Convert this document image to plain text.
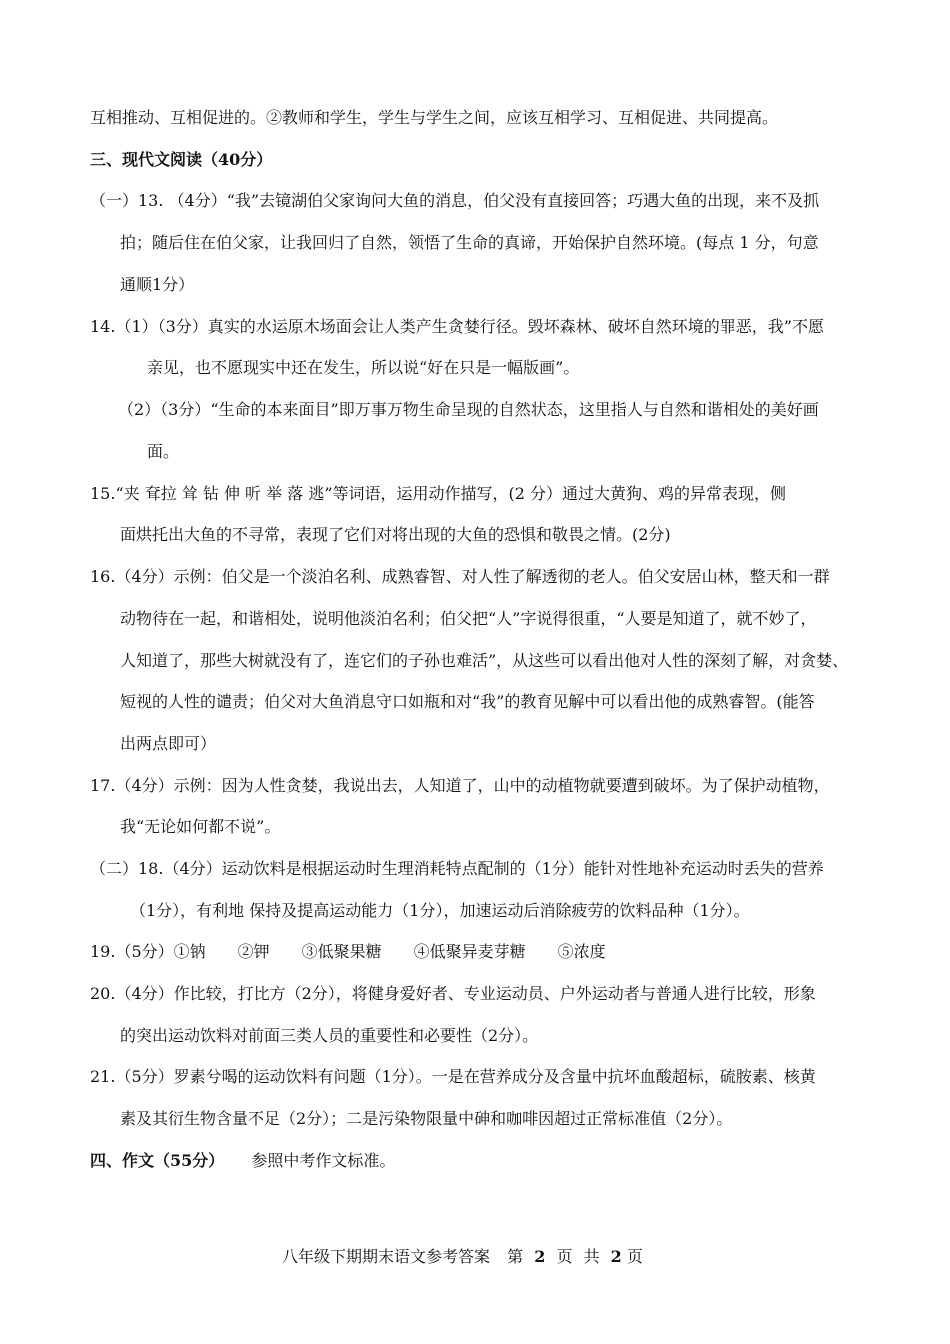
互相推动、互相促进的。②教师和学生，学生与学生之间，应该互相学习、互相促进、共同提高。
三、现代文阅读（40分）
（一）13. （4分）“我”去镜湖伯父家询问大鱼的消息，伯父没有直接回答；巧遇大鱼的出现，来不及抓
拍；随后住在伯父家，让我回归了自然，领悟了生命的真谛，开始保护自然环境。(每点 1 分，句意
通顺1分）
14.（1）（3分）真实的水运原木场面会让人类产生贪婪行径。毁坏森林、破坏自然环境的罪恶，我”不愿
亲见，也不愿现实中还在发生，所以说“好在只是一幅版画”。
（2）（3分）“生命的本来面目”即万事万物生命呈现的自然状态，这里指人与自然和谐相处的美好画
面。
15.“夹 耷拉 耸 钻 伸 听 举 落 逃”等词语，运用动作描写，(2 分）通过大黄狗、鸡的异常表现，侧
面烘托出大鱼的不寻常，表现了它们对将出现的大鱼的恐惧和敬畏之情。(2分)
16.（4分）示例：伯父是一个淡泊名利、成熟睿智、对人性了解透彻的老人。伯父安居山林，整天和一群
动物待在一起，和谐相处，说明他淡泊名利；伯父把“人”字说得很重，“人要是知道了，就不妙了，
人知道了，那些大树就没有了，连它们的子孙也难活”，从这些可以看出他对人性的深刻了解，对贪婪、
短视的人性的谴责；伯父对大鱼消息守口如瓶和对“我”的教育见解中可以看出他的成熟睿智。(能答
出两点即可）
17.（4分）示例：因为人性贪婪，我说出去，人知道了，山中的动植物就要遭到破坏。为了保护动植物，
我“无论如何都不说”。
（二）18.（4分）运动饮料是根据运动时生理消耗特点配制的（1分）能针对性地补充运动时丢失的营养
（1分），有利地 保持及提高运动能力（1分），加速运动后消除疲劳的饮料品种（1分）。
19.（5分）①钠　　②钾　　③低聚果糖　　④低聚异麦芽糖　　⑤浓度
20.（4分）作比较，打比方（2分），将健身爱好者、专业运动员、户外运动者与普通人进行比较，形象
的突出运动饮料对前面三类人员的重要性和必要性（2分）。
21.（5分）罗素兮喝的运动饮料有问题（1分）。一是在营养成分及含量中抗坏血酸超标，硫胺素、核黄
素及其衍生物含量不足（2分）；二是污染物限量中砷和咖啡因超过正常标准值（2分）。
四、作文（55分） 参照中考作文标准。
八年级下期期末语文参考答案 第 2 页 共 2 页
